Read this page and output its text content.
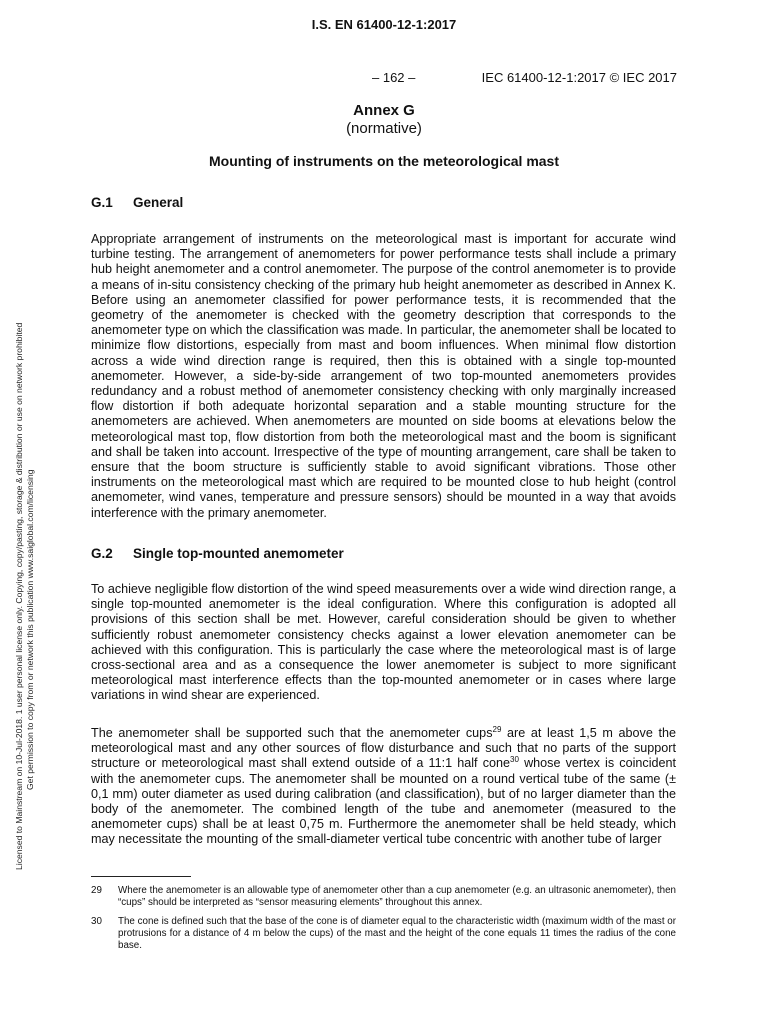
I.S. EN 61400-12-1:2017
– 162 –	IEC 61400-12-1:2017 © IEC 2017
Annex G
(normative)
Mounting of instruments on the meteorological mast
G.1 General

Appropriate arrangement of instruments on the meteorological mast is important for accurate wind turbine testing. The arrangement of anemometers for power performance tests shall include a primary hub height anemometer and a control anemometer. The purpose of the control anemometer is to provide a means of in-situ consistency checking of the primary hub height anemometer as described in Annex K. Before using an anemometer classified for power performance tests, it is recommended that the geometry of the anemometer is checked with the geometry description that corresponds to the anemometer type on which the classification was made. In particular, the anemometer shall be located to minimize flow distortions, especially from mast and boom influences. When minimal flow distortion across a wide wind direction range is required, then this is obtained with a single top-mounted anemometer. However, a side-by-side arrangement of two top-mounted anemometers provides redundancy and a robust method of anemometer consistency checking with only marginally increased flow distortion if both adequate horizontal separation and a stable mounting structure for the anemometers are achieved. When anemometers are mounted on side booms at elevations below the meteorological mast top, flow distortion from both the meteorological mast and the boom is significant and shall be taken into account. Irrespective of the type of mounting arrangement, care shall be taken to ensure that the boom structure is sufficiently stable to avoid significant vibrations. Those other instruments on the meteorological mast which are required to be mounted close to hub height (control anemometer, wind vanes, temperature and pressure sensors) should be mounted in a way that avoids interference with the primary anemometer.

G.2 Single top-mounted anemometer

To achieve negligible flow distortion of the wind speed measurements over a wide wind direction range, a single top-mounted anemometer is the ideal configuration. Where this configuration is adopted all provisions of this section shall be met. However, careful consideration should be given to whether sufficiently robust anemometer consistency checks against a lower elevation anemometer can be achieved with this configuration. This is particularly the case where the meteorological mast is of large cross-sectional area and as a consequence the lower anemometer is subject to more significant meteorological mast interference effects than the top-mounted anemometer or in cases where large variations in wind shear are experienced.

The anemometer shall be supported such that the anemometer cups$^{29}$ are at least 1,5 m above the meteorological mast and any other sources of flow disturbance and such that no parts of the support structure or meteorological mast shall extend outside of a 11:1 half cone$^{30}$ whose vertex is coincident with the anemometer cups. The anemometer shall be mounted on a round vertical tube of the same (± 0,1 mm) outer diameter as used during calibration (and classification), but of no larger diameter than the body of the anemometer. The combined length of the tube and anemometer (measured to the anemometer cups) shall be at least 0,75 m. Furthermore the anemometer shall be held steady, which may necessitate the mounting of the small-diameter vertical tube concentric with another tube of larger

29 Where the anemometer is an allowable type of anemometer other than a cup anemometer (e.g. an ultrasonic anemometer), then “cups” should be interpreted as “sensor measuring elements” throughout this annex.
30 The cone is defined such that the base of the cone is of diameter equal to the characteristic width (maximum width of the mast or protrusions for a distance of 4 m below the cups) of the mast and the height of the cone equals 11 times the radius of the cone base.
Licensed to Mainstream on 10-Jul-2018. 1 user personal license only. Copying, copy/pasting, storage & distribution or use on network prohibited Get permission to copy from or network this publication www.saiglobal.com/licensing
